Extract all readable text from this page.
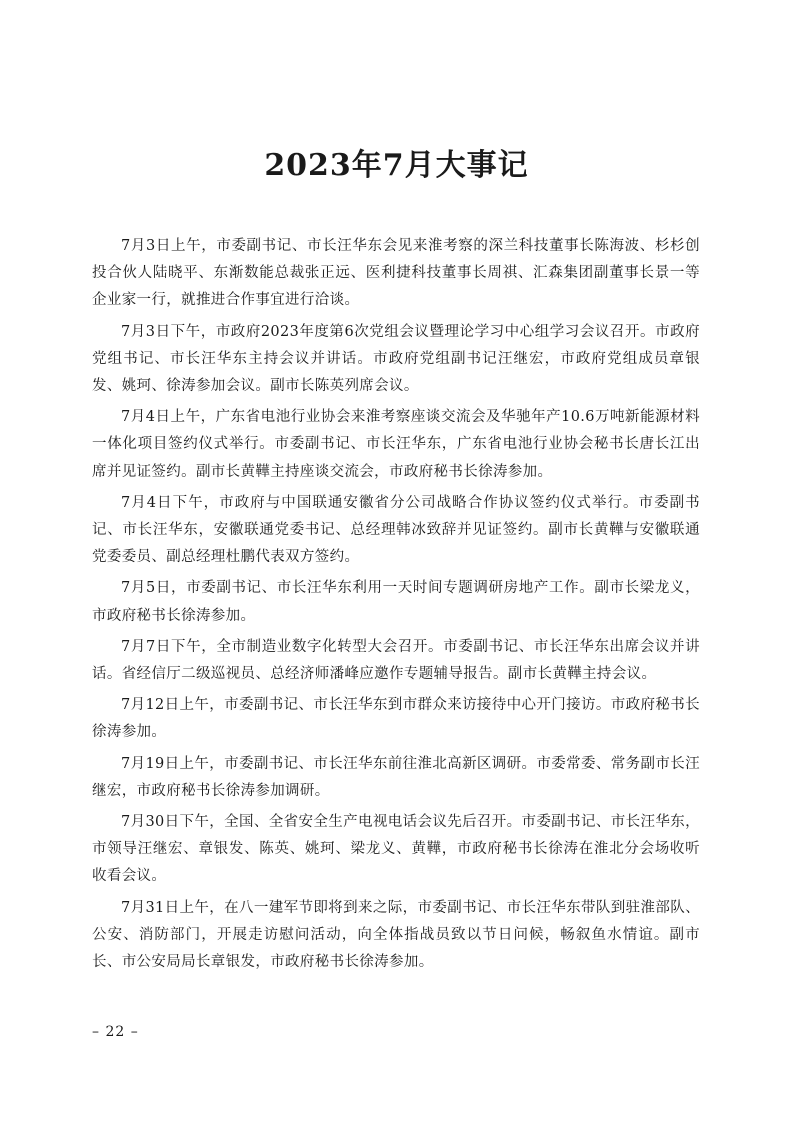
2023年7月大事记

7月3日上午，市委副书记、市长汪华东会见来淮考察的深兰科技董事长陈海波、杉杉创投合伙人陆晓平、东渐数能总裁张正远、医利捷科技董事长周祺、汇森集团副董事长景一等企业家一行，就推进合作事宜进行洽谈。

7月3日下午，市政府2023年度第6次党组会议暨理论学习中心组学习会议召开。市政府党组书记、市长汪华东主持会议并讲话。市政府党组副书记汪继宏，市政府党组成员章银发、姚珂、徐涛参加会议。副市长陈英列席会议。

7月4日上午，广东省电池行业协会来淮考察座谈交流会及华驰年产10.6万吨新能源材料一体化项目签约仪式举行。市委副书记、市长汪华东，广东省电池行业协会秘书长唐长江出席并见证签约。副市长黄鞾主持座谈交流会，市政府秘书长徐涛参加。

7月4日下午，市政府与中国联通安徽省分公司战略合作协议签约仪式举行。市委副书记、市长汪华东，安徽联通党委书记、总经理韩冰致辞并见证签约。副市长黄鞾与安徽联通党委委员、副总经理杜鹏代表双方签约。

7月5日，市委副书记、市长汪华东利用一天时间专题调研房地产工作。副市长梁龙义，市政府秘书长徐涛参加。

7月7日下午，全市制造业数字化转型大会召开。市委副书记、市长汪华东出席会议并讲话。省经信厅二级巡视员、总经济师潘峰应邀作专题辅导报告。副市长黄鞾主持会议。

7月12日上午，市委副书记、市长汪华东到市群众来访接待中心开门接访。市政府秘书长徐涛参加。

7月19日上午，市委副书记、市长汪华东前往淮北高新区调研。市委常委、常务副市长汪继宏，市政府秘书长徐涛参加调研。

7月30日下午，全国、全省安全生产电视电话会议先后召开。市委副书记、市长汪华东，市领导汪继宏、章银发、陈英、姚珂、梁龙义、黄鞾，市政府秘书长徐涛在淮北分会场收听收看会议。

7月31日上午，在八一建军节即将到来之际，市委副书记、市长汪华东带队到驻淮部队、公安、消防部门，开展走访慰问活动，向全体指战员致以节日问候，畅叙鱼水情谊。副市长、市公安局局长章银发，市政府秘书长徐涛参加。

– 22 –
